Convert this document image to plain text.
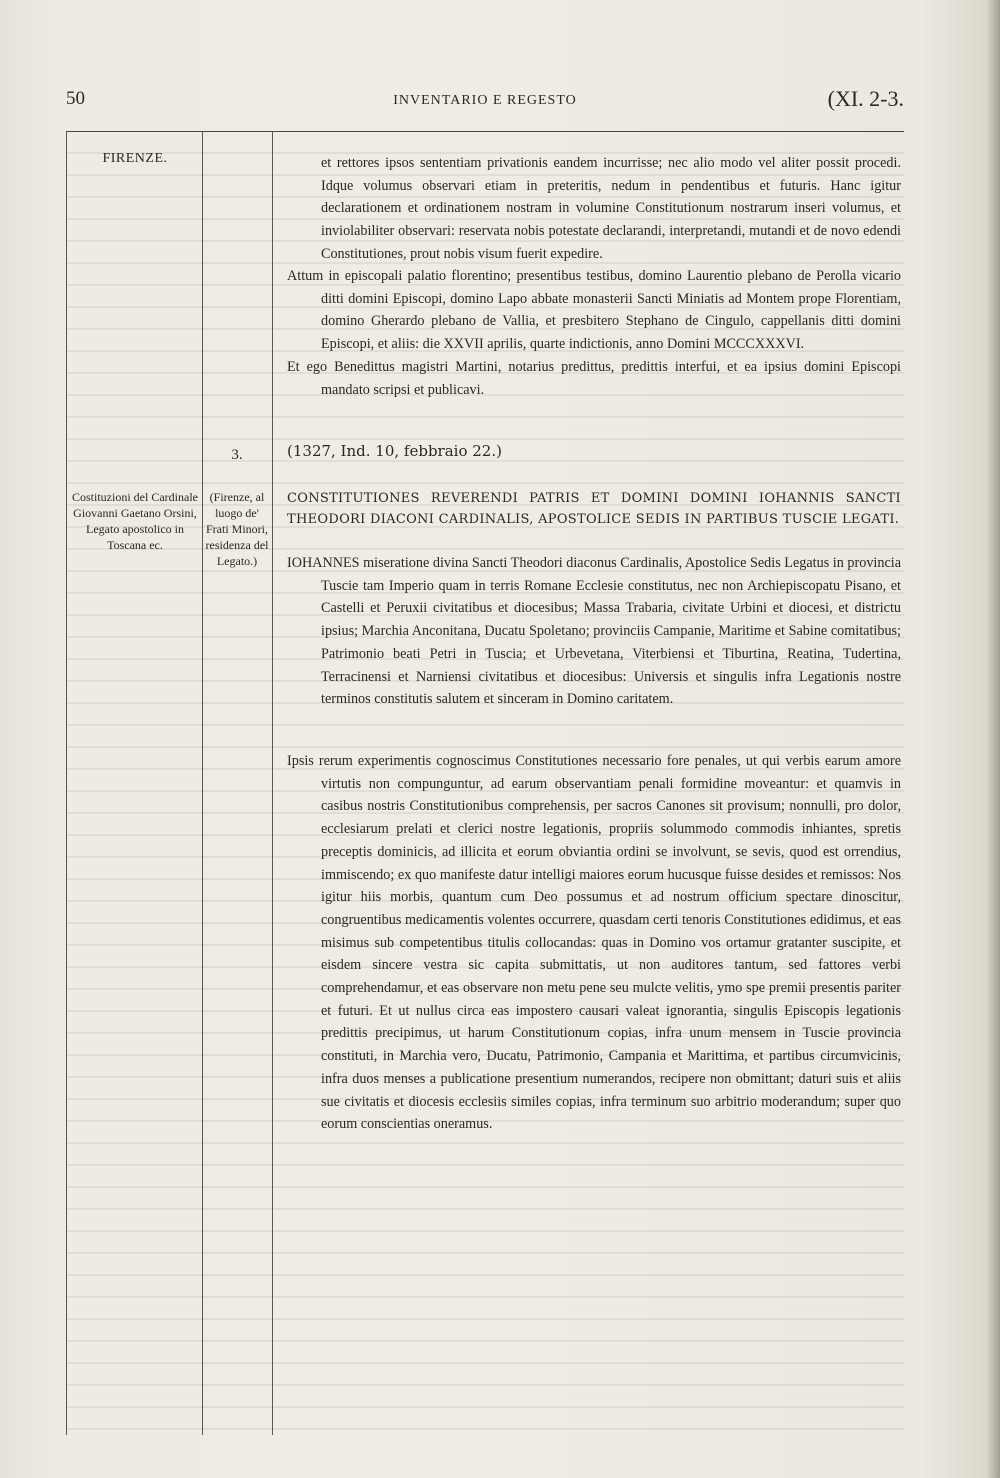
50	INVENTARIO E REGESTO	(XI. 2-3.
FIRENZE.
3.
Costituzioni del Cardinale Giovanni Gaetano Orsini, Legato apostolico in Toscana ec.
(Firenze, al luogo de' Frati Minori, residenza del Legato.)

et rettores ipsos sententiam privationis eandem incurrisse; nec alio modo vel aliter possit procedi. Idque volumus observari etiam in preteritis, nedum in pendentibus et futuris. Hanc igitur declarationem et ordinationem nostram in volumine Constitutionum nostrarum inseri volumus, et inviolabiliter observari: reservata nobis potestate declarandi, interpretandi, mutandi et de novo edendi Constitutiones, prout nobis visum fuerit expedire.

Attum in episcopali palatio florentino; presentibus testibus, domino Laurentio plebano de Perolla vicario ditti domini Episcopi, domino Lapo abbate monasterii Sancti Miniatis ad Montem prope Florentiam, domino Gherardo plebano de Vallia, et presbitero Stephano de Cingulo, cappellanis ditti domini Episcopi, et aliis: die XXVII aprilis, quarte indictionis, anno Domini MCCCXXXVI.

Et ego Benedittus magistri Martini, notarius predittus, predittis interfui, et ea ipsius domini Episcopi mandato scripsi et publicavi.

(1327, Ind. 10, febbraio 22.)
CONSTITUTIONES REVERENDI PATRIS ET DOMINI DOMINI IOHANNIS SANCTI THEODORI DIACONI CARDINALIS, APOSTOLICE SEDIS IN PARTIBUS TUSCIE LEGATI.

IOHANNES miseratione divina Sancti Theodori diaconus Cardinalis, Apostolice Sedis Legatus in provincia Tuscie tam Imperio quam in terris Romane Ecclesie constitutus, nec non Archiepiscopatu Pisano, et Castelli et Peruxii civitatibus et diocesibus; Massa Trabaria, civitate Urbini et diocesi, et districtu ipsius; Marchia Anconitana, Ducatu Spoletano; provinciis Campanie, Maritime et Sabine comitatibus; Patrimonio beati Petri in Tuscia; et Urbevetana, Viterbiensi et Tiburtina, Reatina, Tudertina, Terracinensi et Narniensi civitatibus et diocesibus: Universis et singulis infra Legationis nostre terminos constitutis salutem et sinceram in Domino caritatem.

Ipsis rerum experimentis cognoscimus Constitutiones necessario fore penales, ut qui verbis earum amore virtutis non compunguntur, ad earum observantiam penali formidine moveantur: et quamvis in casibus nostris Constitutionibus comprehensis, per sacros Canones sit provisum; nonnulli, pro dolor, ecclesiarum prelati et clerici nostre legationis, propriis solummodo commodis inhiantes, spretis preceptis dominicis, ad illicita et eorum obviantia ordini se involvunt, se sevis, quod est orrendius, immiscendo; ex quo manifeste datur intelligi maiores eorum hucusque fuisse desides et remissos: Nos igitur hiis morbis, quantum cum Deo possumus et ad nostrum officium spectare dinoscitur, congruentibus medicamentis volentes occurrere, quasdam certi tenoris Constitutiones edidimus, et eas misimus sub competentibus titulis collocandas: quas in Domino vos ortamur gratanter suscipite, et eisdem sincere vestra sic capita submittatis, ut non auditores tantum, sed fattores verbi comprehendamur, et eas observare non metu pene seu mulcte velitis, ymo spe premii presentis pariter et futuri. Et ut nullus circa eas impostero causari valeat ignorantia, singulis Episcopis legationis predittis precipimus, ut harum Constitutionum copias, infra unum mensem in Tuscie provincia constituti, in Marchia vero, Ducatu, Patrimonio, Campania et Marittima, et partibus circumvicinis, infra duos menses a publicatione presentium numerandos, recipere non obmittant; daturi suis et aliis sue civitatis et diocesis ecclesiis similes copias, infra terminum suo arbitrio moderandum; super quo eorum conscientias oneramus.
